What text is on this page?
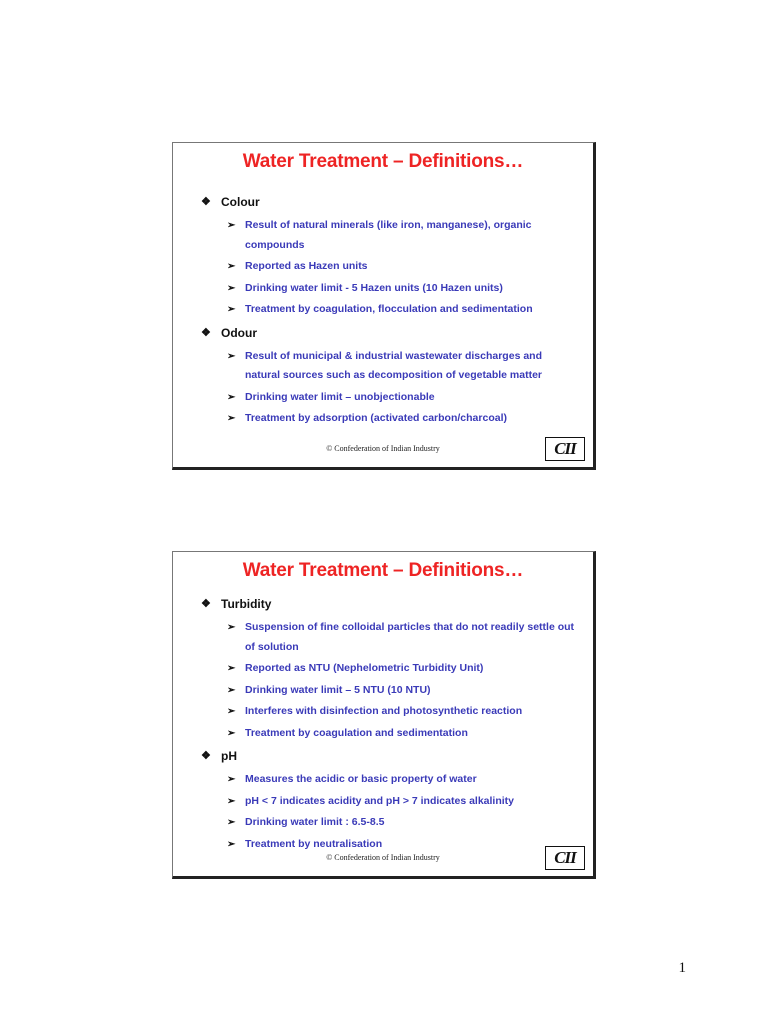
Water Treatment – Definitions…
❖ Colour
➢ Result of natural minerals (like iron, manganese), organic compounds
➢ Reported as Hazen units
➢ Drinking water limit - 5 Hazen units (10 Hazen units)
➢ Treatment by coagulation, flocculation and sedimentation
❖ Odour
➢ Result of municipal & industrial wastewater discharges and natural sources such as decomposition of vegetable matter
➢ Drinking water limit – unobjectionable
➢ Treatment by adsorption (activated carbon/charcoal)
© Confederation of Indian Industry	CII
Water Treatment – Definitions…
❖ Turbidity
➢ Suspension of fine colloidal particles that do not readily settle out of solution
➢ Reported as NTU (Nephelometric Turbidity Unit)
➢ Drinking water limit – 5 NTU (10 NTU)
➢ Interferes with disinfection and photosynthetic reaction
➢ Treatment by coagulation and sedimentation
❖ pH
➢ Measures the acidic or basic property of water
➢ pH < 7 indicates acidity and pH > 7 indicates alkalinity
➢ Drinking water limit : 6.5-8.5
➢ Treatment by neutralisation
© Confederation of Indian Industry	CII
1
